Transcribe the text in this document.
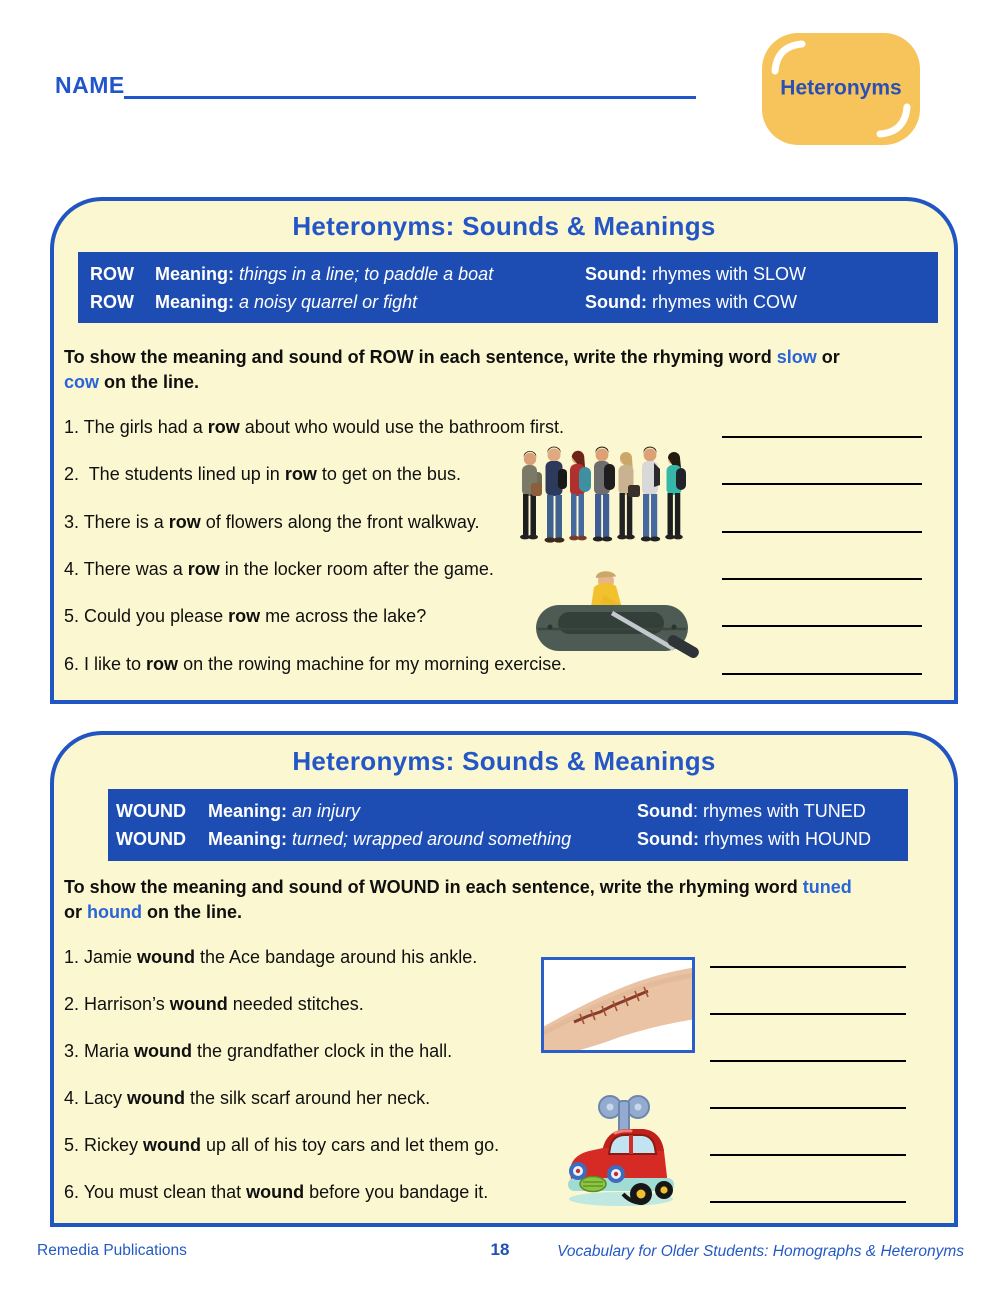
NAME	Heteronyms
Heteronyms: Sounds & Meanings
ROW	Meaning: things in a line; to paddle a boat	Sound: rhymes with SLOW
ROW	Meaning: a noisy quarrel or fight	Sound: rhymes with COW
To show the meaning and sound of ROW in each sentence, write the rhyming word slow or
cow on the line.
1. The girls had a row about who would use the bathroom first.
2.  The students lined up in row to get on the bus.
3. There is a row of flowers along the front walkway.
4. There was a row in the locker room after the game.
5. Could you please row me across the lake?
6. I like to row on the rowing machine for my morning exercise.
Heteronyms: Sounds & Meanings
WOUND	Meaning: an injury	Sound: rhymes with TUNED
WOUND	Meaning: turned; wrapped around something	Sound: rhymes with HOUND
To show the meaning and sound of WOUND in each sentence, write the rhyming word tuned
or hound on the line.
1. Jamie wound the Ace bandage around his ankle.
2. Harrison’s wound needed stitches.
3. Maria wound the grandfather clock in the hall.
4. Lacy wound the silk scarf around her neck.
5. Rickey wound up all of his toy cars and let them go.
6. You must clean that wound before you bandage it.
Remedia Publications	18	Vocabulary for Older Students: Homographs & Heteronyms
